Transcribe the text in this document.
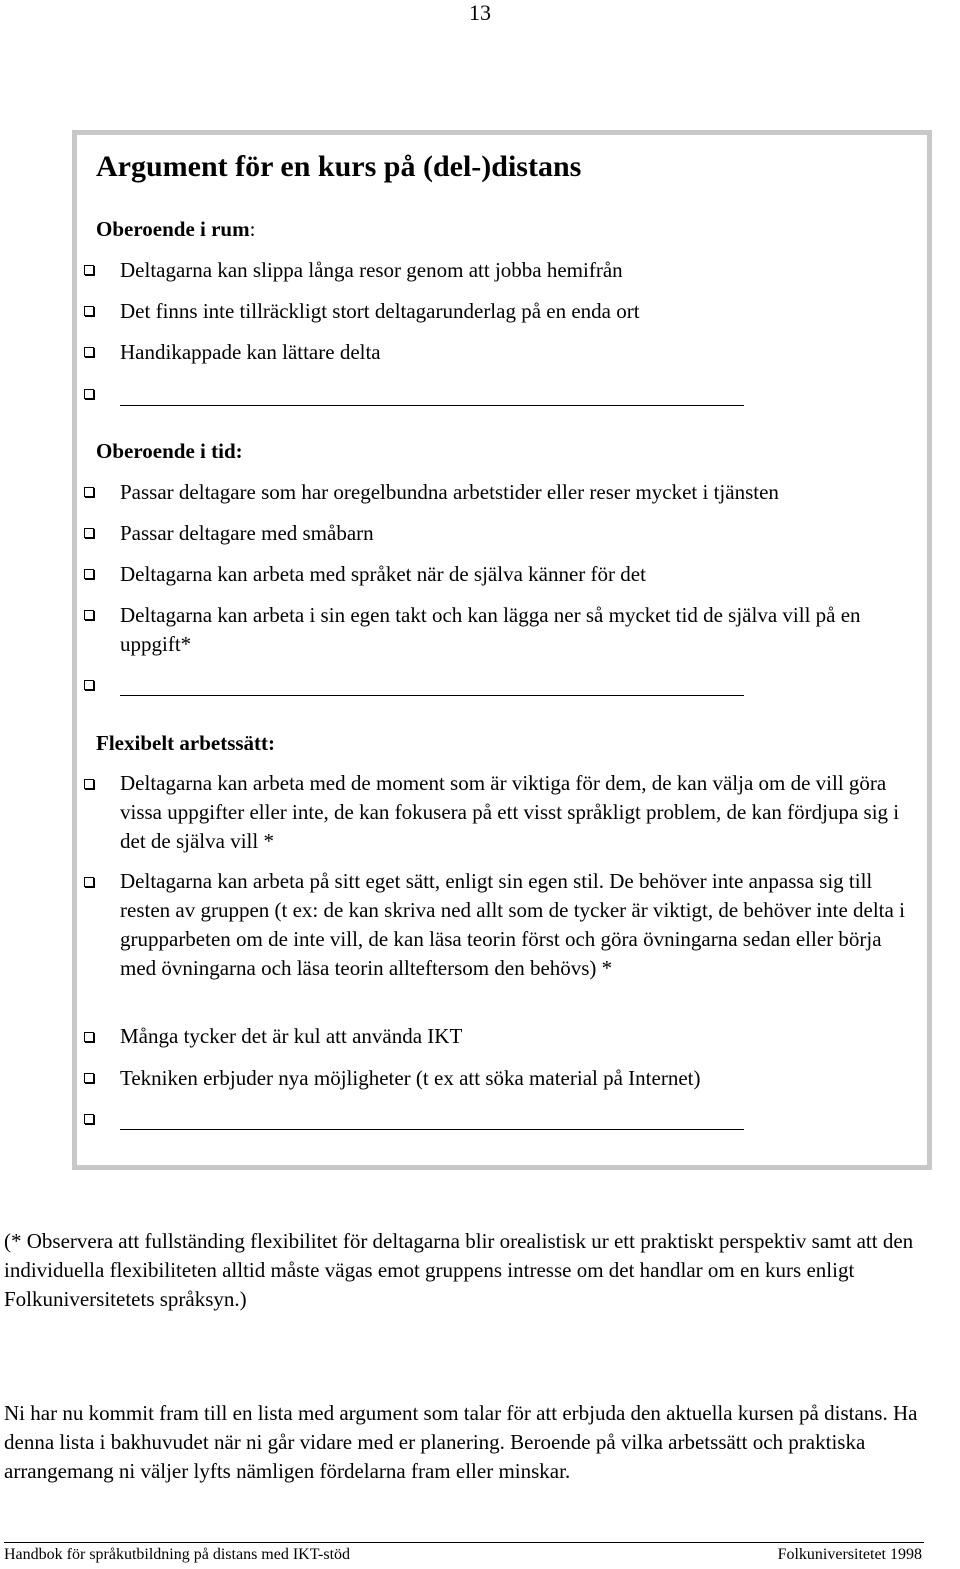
13
Argument för en kurs på (del-)distans
Oberoende i rum:
Deltagarna kan slippa långa resor genom att jobba hemifrån
Det finns inte tillräckligt stort deltagarunderlag på en enda ort
Handikappade kan lättare delta
Oberoende i tid:
Passar deltagare som har oregelbundna arbetstider eller reser mycket i tjänsten
Passar deltagare med småbarn
Deltagarna kan arbeta med språket när de själva känner för det
Deltagarna kan arbeta i sin egen takt och kan lägga ner så mycket tid de själva vill på en uppgift*
Flexibelt arbetssätt:
Deltagarna kan arbeta med de moment som är viktiga för dem, de kan välja om de vill göra vissa uppgifter eller inte, de kan fokusera på ett visst språkligt problem, de kan fördjupa sig i det de själva vill *
Deltagarna kan arbeta på sitt eget sätt, enligt sin egen stil. De behöver inte anpassa sig till resten av gruppen (t ex: de kan skriva ned allt som de tycker är viktigt, de behöver inte delta i grupparbeten om de inte vill, de kan läsa teorin först och göra övningarna sedan eller börja med övningarna och läsa teorin allteftersom den behövs) *
Många tycker det är kul att använda IKT
Tekniken erbjuder nya möjligheter (t ex att söka material på Internet)
(* Observera att fullständing flexibilitet för deltagarna blir orealistisk ur ett praktiskt perspektiv samt att den individuella flexibiliteten alltid måste vägas emot gruppens intresse om det handlar om en kurs enligt Folkuniversitetets språksyn.)
Ni har nu kommit fram till en lista med argument som talar för att erbjuda den aktuella kursen på distans. Ha denna lista i bakhuvudet när ni går vidare med er planering. Beroende på vilka arbetssätt och praktiska arrangemang ni väljer lyfts nämligen fördelarna fram eller minskar.
Handbok för språkutbildning på distans med IKT-stöd	Folkuniversitetet 1998
